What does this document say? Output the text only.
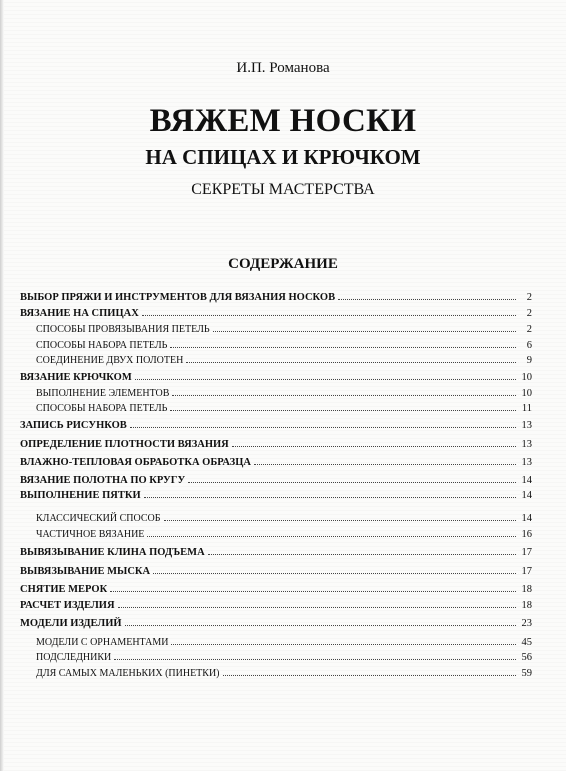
И.П. Романова
ВЯЖЕМ НОСКИ
НА СПИЦАХ И КРЮЧКОМ
СЕКРЕТЫ МАСТЕРСТВА
СОДЕРЖАНИЕ
ВЫБОР ПРЯЖИ И ИНСТРУМЕНТОВ ДЛЯ ВЯЗАНИЯ НОСКОВ	2
ВЯЗАНИЕ НА СПИЦАХ	2
СПОСОБЫ ПРОВЯЗЫВАНИЯ ПЕТЕЛЬ	2
СПОСОБЫ НАБОРА ПЕТЕЛЬ	6
СОЕДИНЕНИЕ ДВУХ ПОЛОТЕН	9
ВЯЗАНИЕ КРЮЧКОМ	10
ВЫПОЛНЕНИЕ ЭЛЕМЕНТОВ	10
СПОСОБЫ НАБОРА ПЕТЕЛЬ	11
ЗАПИСЬ РИСУНКОВ	13
ОПРЕДЕЛЕНИЕ ПЛОТНОСТИ ВЯЗАНИЯ	13
ВЛАЖНО-ТЕПЛОВАЯ ОБРАБОТКА ОБРАЗЦА	13
ВЯЗАНИЕ ПОЛОТНА ПО КРУГУ	14
ВЫПОЛНЕНИЕ ПЯТКИ	14
КЛАССИЧЕСКИЙ СПОСОБ	14
ЧАСТИЧНОЕ ВЯЗАНИЕ	16
ВЫВЯЗЫВАНИЕ КЛИНА ПОДЪЕМА	17
ВЫВЯЗЫВАНИЕ МЫСКА	17
СНЯТИЕ МЕРОК	18
РАСЧЕТ ИЗДЕЛИЯ	18
МОДЕЛИ ИЗДЕЛИЙ	23
МОДЕЛИ С ОРНАМЕНТАМИ	45
ПОДСЛЕДНИКИ	56
ДЛЯ САМЫХ МАЛЕНЬКИХ (ПИНЕТКИ)	59
